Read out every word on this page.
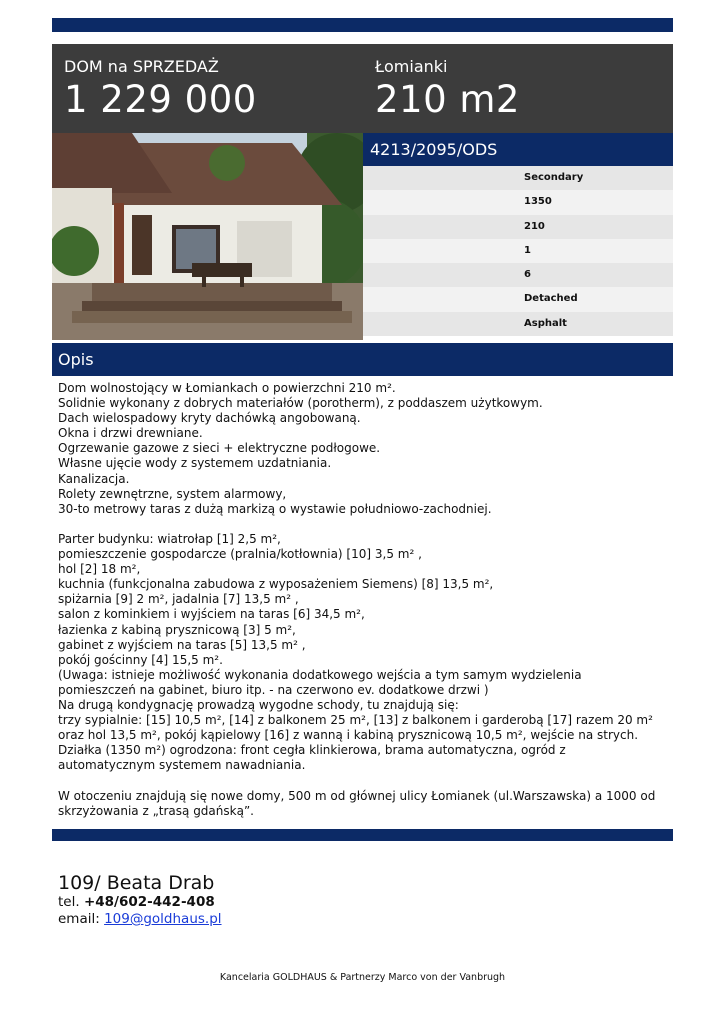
DOM na SPRZEDAŻ
1 229 000
Łomianki
210 m2
4213/2095/ODS
Secondary
1350
210
1
6
Detached
Asphalt
Opis
Dom wolnostojący w Łomiankach o powierzchni 210 m².
Solidnie wykonany z dobrych materiałów (porotherm), z poddaszem użytkowym.
Dach wielospadowy kryty dachówką angobowaną.
Okna i drzwi drewniane.
Ogrzewanie gazowe z sieci + elektryczne podłogowe.
Własne ujęcie wody z systemem uzdatniania.
Kanalizacja.
Rolety zewnętrzne, system alarmowy,
30-to metrowy taras z dużą markizą o wystawie południowo-zachodniej.
Parter budynku: wiatrołap [1] 2,5 m²,
pomieszczenie gospodarcze (pralnia/kotłownia) [10] 3,5 m² ,
hol [2] 18 m²,
kuchnia (funkcjonalna zabudowa z wyposażeniem Siemens) [8] 13,5 m²,
spiżarnia [9] 2 m², jadalnia [7] 13,5 m² ,
salon z kominkiem i wyjściem na taras [6] 34,5 m²,
łazienka z kabiną prysznicową [3] 5 m²,
gabinet z wyjściem na taras [5] 13,5 m² ,
pokój gościnny [4] 15,5 m².
(Uwaga: istnieje możliwość wykonania dodatkowego wejścia a tym samym wydzielenia
pomieszczeń na gabinet, biuro itp. - na czerwono ev. dodatkowe drzwi )
Na drugą kondygnację prowadzą wygodne schody, tu znajdują się:
trzy sypialnie: [15] 10,5 m², [14] z balkonem 25 m², [13] z balkonem i garderobą [17] razem 20 m²
oraz hol 13,5 m², pokój kąpielowy [16] z wanną i kabiną prysznicową 10,5 m², wejście na strych.
Działka (1350 m²) ogrodzona: front cegła klinkierowa, brama automatyczna, ogród z
automatycznym systemem nawadniania.
W otoczeniu znajdują się nowe domy, 500 m od głównej ulicy Łomianek (ul.Warszawska) a 1000 od
skrzyżowania z „trasą gdańską”.
109/ Beata Drab
tel. +48/602-442-408
email: 109@goldhaus.pl
Kancelaria GOLDHAUS & Partnerzy Marco von der Vanbrugh
